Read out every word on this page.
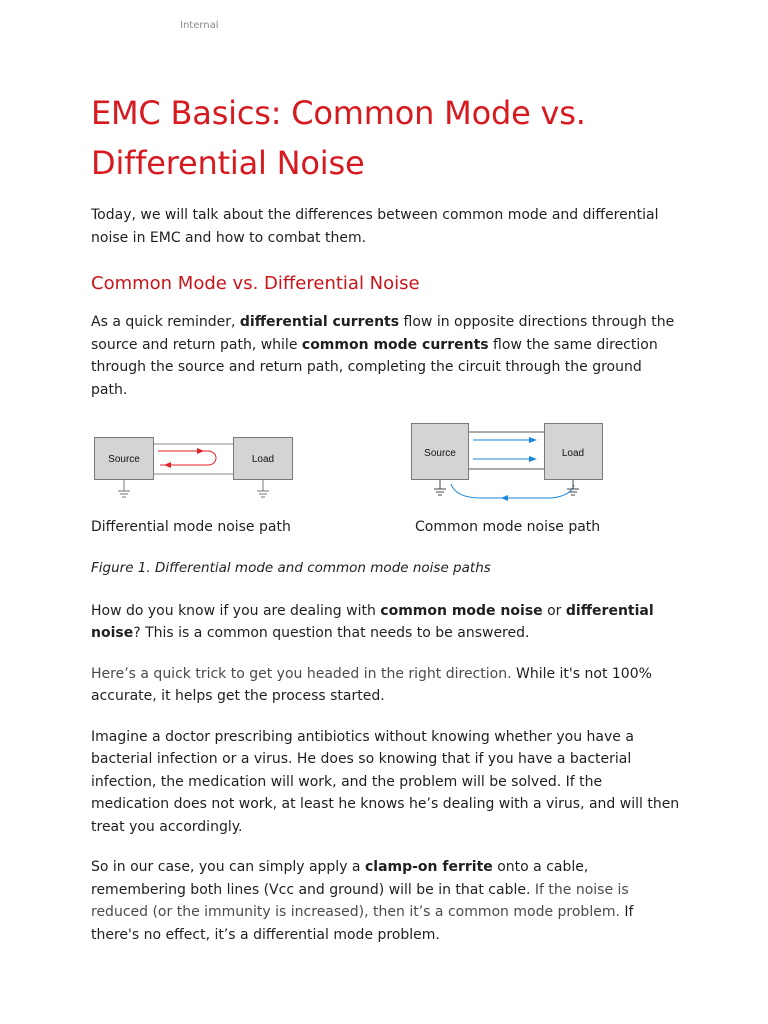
Internal
EMC Basics: Common Mode vs. Differential Noise

Today, we will talk about the differences between common mode and differential noise in EMC and how to combat them.

Common Mode vs. Differential Noise

As a quick reminder, differential currents flow in opposite directions through the source and return path, while common mode currents flow the same direction through the source and return path, completing the circuit through the ground path.

Source	Load
Source	Load
Differential mode noise path	Common mode noise path

Figure 1. Differential mode and common mode noise paths

How do you know if you are dealing with common mode noise or differential noise? This is a common question that needs to be answered.

Here’s a quick trick to get you headed in the right direction. While it's not 100% accurate, it helps get the process started.

Imagine a doctor prescribing antibiotics without knowing whether you have a bacterial infection or a virus. He does so knowing that if you have a bacterial infection, the medication will work, and the problem will be solved. If the medication does not work, at least he knows he’s dealing with a virus, and will then treat you accordingly.

So in our case, you can simply apply a clamp-on ferrite onto a cable, remembering both lines (Vcc and ground) will be in that cable. If the noise is reduced (or the immunity is increased), then it’s a common mode problem. If there's no effect, it’s a differential mode problem.
